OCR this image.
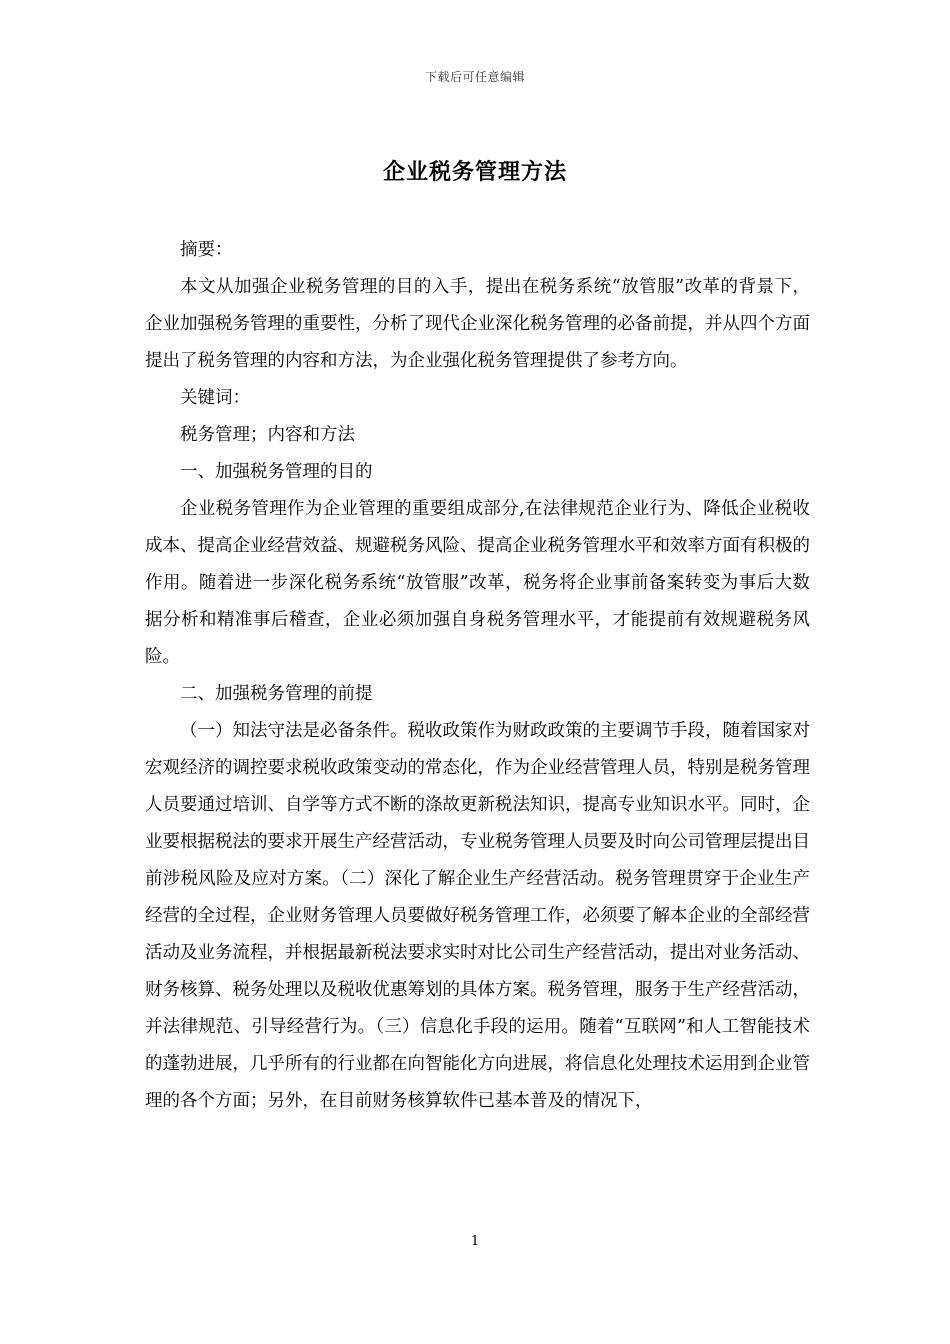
下载后可任意编辑
企业税务管理方法

摘要：

本文从加强企业税务管理的目的入手，提出在税务系统“放管服”改革的背景下，企业加强税务管理的重要性，分析了现代企业深化税务管理的必备前提，并从四个方面提出了税务管理的内容和方法，为企业强化税务管理提供了参考方向。

关键词：

税务管理；内容和方法

一、加强税务管理的目的

企业税务管理作为企业管理的重要组成部分,在法律规范企业行为、降低企业税收成本、提高企业经营效益、规避税务风险、提高企业税务管理水平和效率方面有积极的作用。随着进一步深化税务系统“放管服”改革，税务将企业事前备案转变为事后大数据分析和精准事后稽查，企业必须加强自身税务管理水平，才能提前有效规避税务风险。

二、加强税务管理的前提

（一）知法守法是必备条件。税收政策作为财政政策的主要调节手段，随着国家对宏观经济的调控要求税收政策变动的常态化，作为企业经营管理人员，特别是税务管理人员要通过培训、自学等方式不断的涤故更新税法知识，提高专业知识水平。同时，企业要根据税法的要求开展生产经营活动，专业税务管理人员要及时向公司管理层提出目前涉税风险及应对方案。（二）深化了解企业生产经营活动。税务管理贯穿于企业生产经营的全过程，企业财务管理人员要做好税务管理工作，必须要了解本企业的全部经营活动及业务流程，并根据最新税法要求实时对比公司生产经营活动，提出对业务活动、财务核算、税务处理以及税收优惠筹划的具体方案。税务管理，服务于生产经营活动，并法律规范、引导经营行为。（三）信息化手段的运用。随着“互联网”和人工智能技术的蓬勃进展，几乎所有的行业都在向智能化方向进展，将信息化处理技术运用到企业管理的各个方面；另外，在目前财务核算软件已基本普及的情况下，

1
